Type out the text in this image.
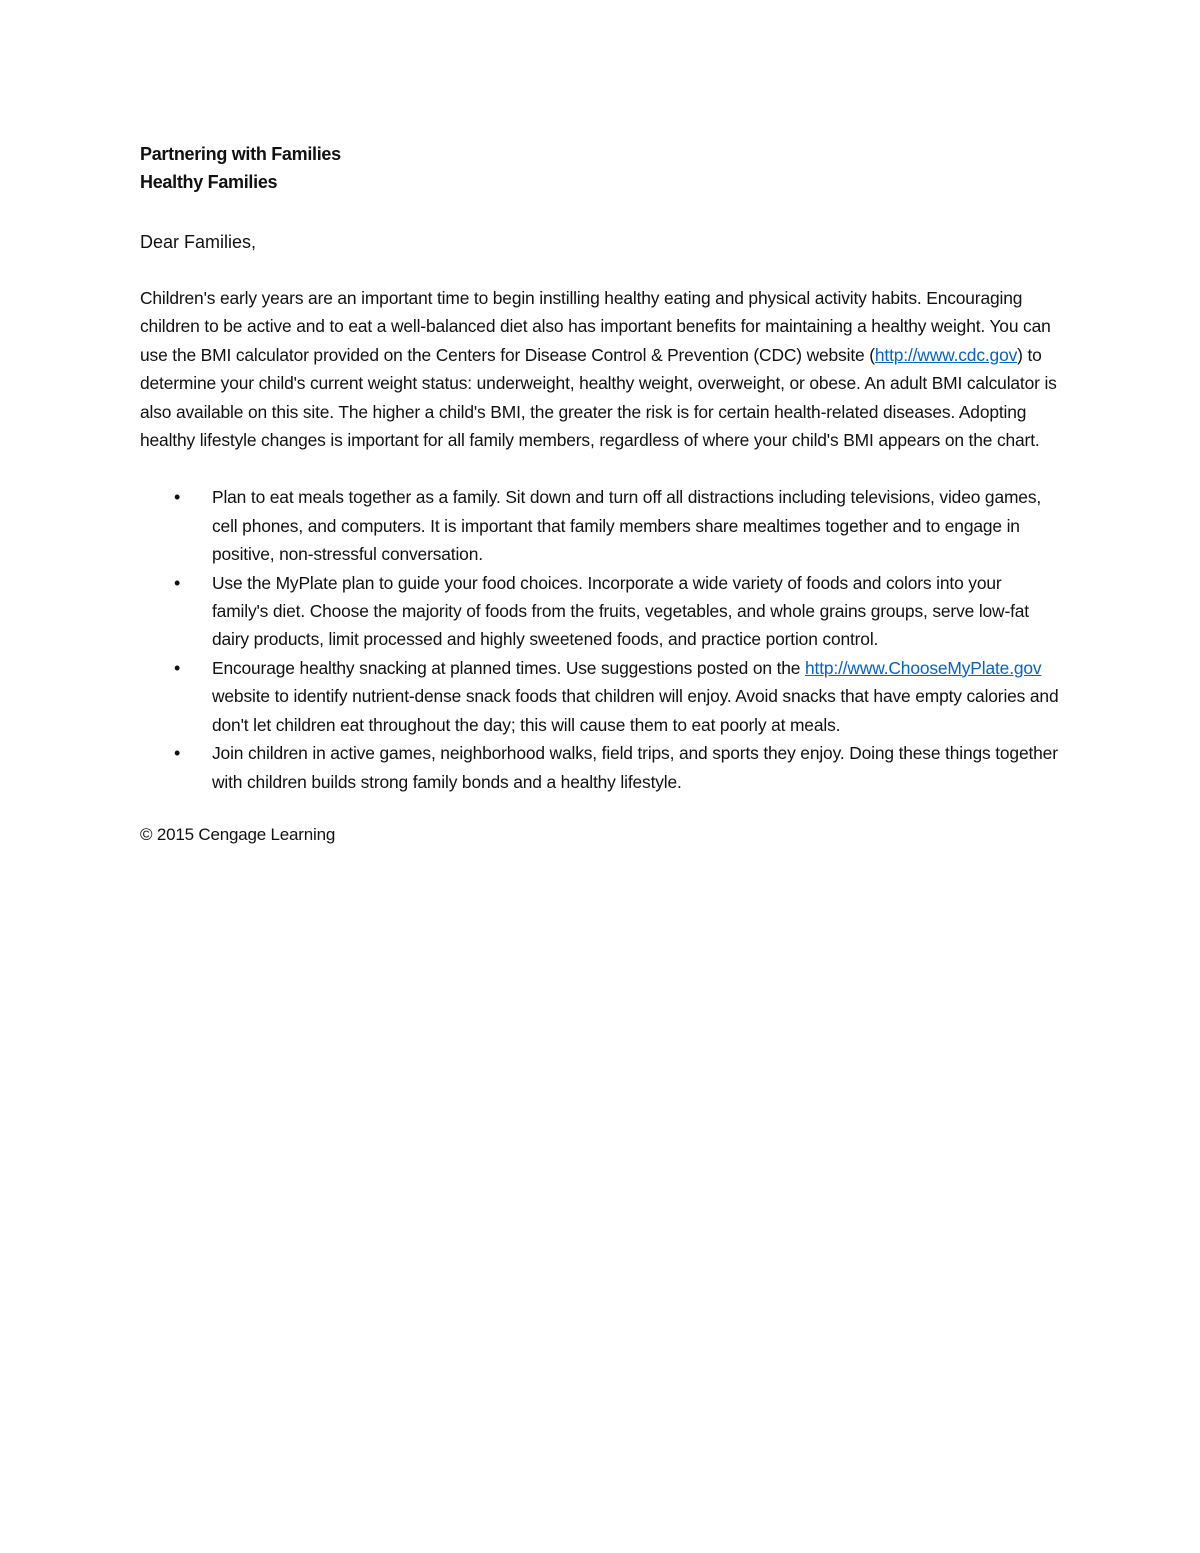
Partnering with Families

Healthy Families

Dear Families,

Children's early years are an important time to begin instilling healthy eating and physical activity habits. Encouraging children to be active and to eat a well-balanced diet also has important benefits for maintaining a healthy weight. You can use the BMI calculator provided on the Centers for Disease Control & Prevention (CDC) website (http://www.cdc.gov) to determine your child's current weight status: underweight, healthy weight, overweight, or obese. An adult BMI calculator is also available on this site. The higher a child's BMI, the greater the risk is for certain health-related diseases. Adopting healthy lifestyle changes is important for all family members, regardless of where your child's BMI appears on the chart.

• Plan to eat meals together as a family. Sit down and turn off all distractions including televisions, video games, cell phones, and computers. It is important that family members share mealtimes together and to engage in positive, non-stressful conversation.
• Use the MyPlate plan to guide your food choices. Incorporate a wide variety of foods and colors into your family's diet. Choose the majority of foods from the fruits, vegetables, and whole grains groups, serve low-fat dairy products, limit processed and highly sweetened foods, and practice portion control.
• Encourage healthy snacking at planned times. Use suggestions posted on the http://www.ChooseMyPlate.gov website to identify nutrient-dense snack foods that children will enjoy. Avoid snacks that have empty calories and don't let children eat throughout the day; this will cause them to eat poorly at meals.
• Join children in active games, neighborhood walks, field trips, and sports they enjoy. Doing these things together with children builds strong family bonds and a healthy lifestyle.

© 2015 Cengage Learning
